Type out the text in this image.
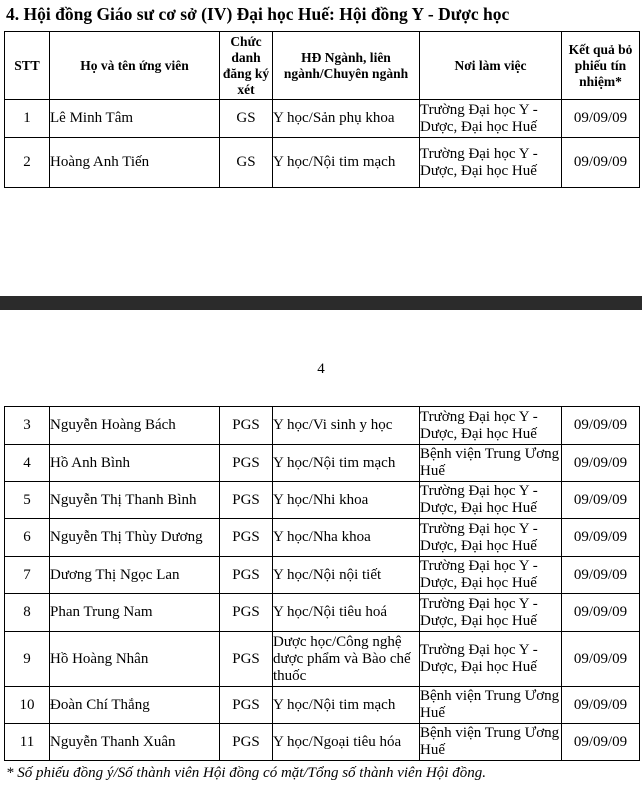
4. Hội đồng Giáo sư cơ sở (IV) Đại học Huế: Hội đồng Y - Dược học
STT	Họ và tên ứng viên	Chức danh đăng ký xét	HĐ Ngành, liên ngành/Chuyên ngành	Nơi làm việc	Kết quả bỏ phiếu tín nhiệm*
1	Lê Minh Tâm	GS	Y học/Sản phụ khoa	Trường Đại học Y - Dược, Đại học Huế	09/09/09
2	Hoàng Anh Tiến	GS	Y học/Nội tim mạch	Trường Đại học Y - Dược, Đại học Huế	09/09/09
4
3	Nguyễn Hoàng Bách	PGS	Y học/Vi sinh y học	Trường Đại học Y - Dược, Đại học Huế	09/09/09
4	Hồ Anh Bình	PGS	Y học/Nội tim mạch	Bệnh viện Trung Ương Huế	09/09/09
5	Nguyễn Thị Thanh Bình	PGS	Y học/Nhi khoa	Trường Đại học Y - Dược, Đại học Huế	09/09/09
6	Nguyễn Thị Thùy Dương	PGS	Y học/Nha khoa	Trường Đại học Y - Dược, Đại học Huế	09/09/09
7	Dương Thị Ngọc Lan	PGS	Y học/Nội nội tiết	Trường Đại học Y - Dược, Đại học Huế	09/09/09
8	Phan Trung Nam	PGS	Y học/Nội tiêu hoá	Trường Đại học Y - Dược, Đại học Huế	09/09/09
9	Hồ Hoàng Nhân	PGS	Dược học/Công nghệ dược phẩm và Bào chế thuốc	Trường Đại học Y - Dược, Đại học Huế	09/09/09
10	Đoàn Chí Thắng	PGS	Y học/Nội tim mạch	Bệnh viện Trung Ương Huế	09/09/09
11	Nguyễn Thanh Xuân	PGS	Y học/Ngoại tiêu hóa	Bệnh viện Trung Ương Huế	09/09/09
* Số phiếu đồng ý/Số thành viên Hội đồng có mặt/Tổng số thành viên Hội đồng.
